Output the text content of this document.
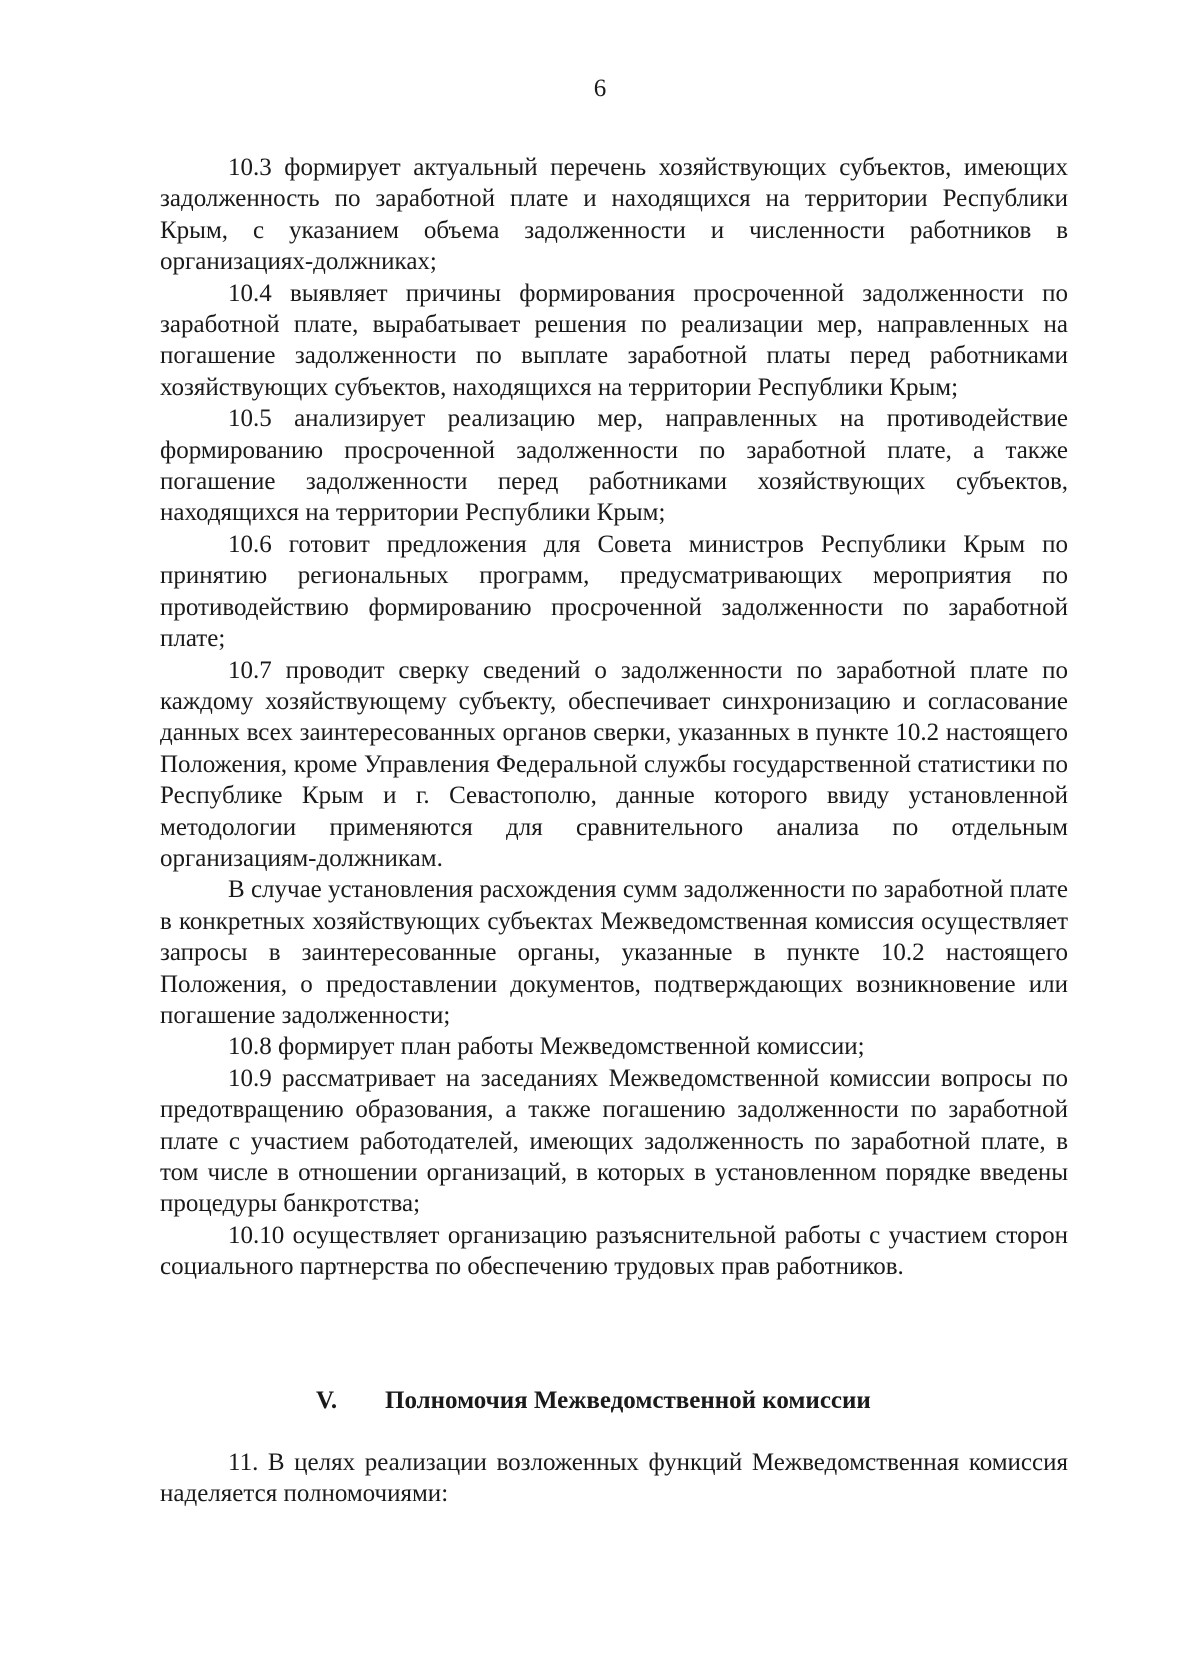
6

10.3 формирует актуальный перечень хозяйствующих субъектов, имеющих задолженность по заработной плате и находящихся на территории Республики Крым, с указанием объема задолженности и численности работников в организациях-должниках;

10.4 выявляет причины формирования просроченной задолженности по заработной плате, вырабатывает решения по реализации мер, направленных на погашение задолженности по выплате заработной платы перед работниками хозяйствующих субъектов, находящихся на территории Республики Крым;

10.5 анализирует реализацию мер, направленных на противодействие формированию просроченной задолженности по заработной плате, а также погашение задолженности перед работниками хозяйствующих субъектов, находящихся на территории Республики Крым;

10.6 готовит предложения для Совета министров Республики Крым по принятию региональных программ, предусматривающих мероприятия по противодействию формированию просроченной задолженности по заработной плате;

10.7 проводит сверку сведений о задолженности по заработной плате по каждому хозяйствующему субъекту, обеспечивает синхронизацию и согласование данных всех заинтересованных органов сверки, указанных в пункте 10.2 настоящего Положения, кроме Управления Федеральной службы государственной статистики по Республике Крым и г. Севастополю, данные которого ввиду установленной методологии применяются для сравнительного анализа по отдельным организациям-должникам.

В случае установления расхождения сумм задолженности по заработной плате в конкретных хозяйствующих субъектах Межведомственная комиссия осуществляет запросы в заинтересованные органы, указанные в пункте 10.2 настоящего Положения, о предоставлении документов, подтверждающих возникновение или погашение задолженности;

10.8 формирует план работы Межведомственной комиссии;

10.9 рассматривает на заседаниях Межведомственной комиссии вопросы по предотвращению образования, а также погашению задолженности по заработной плате с участием работодателей, имеющих задолженность по заработной плате, в том числе в отношении организаций, в которых в установленном порядке введены процедуры банкротства;

10.10 осуществляет организацию разъяснительной работы с участием сторон социального партнерства по обеспечению трудовых прав работников.

V. Полномочия Межведомственной комиссии

11. В целях реализации возложенных функций Межведомственная комиссия наделяется полномочиями:
